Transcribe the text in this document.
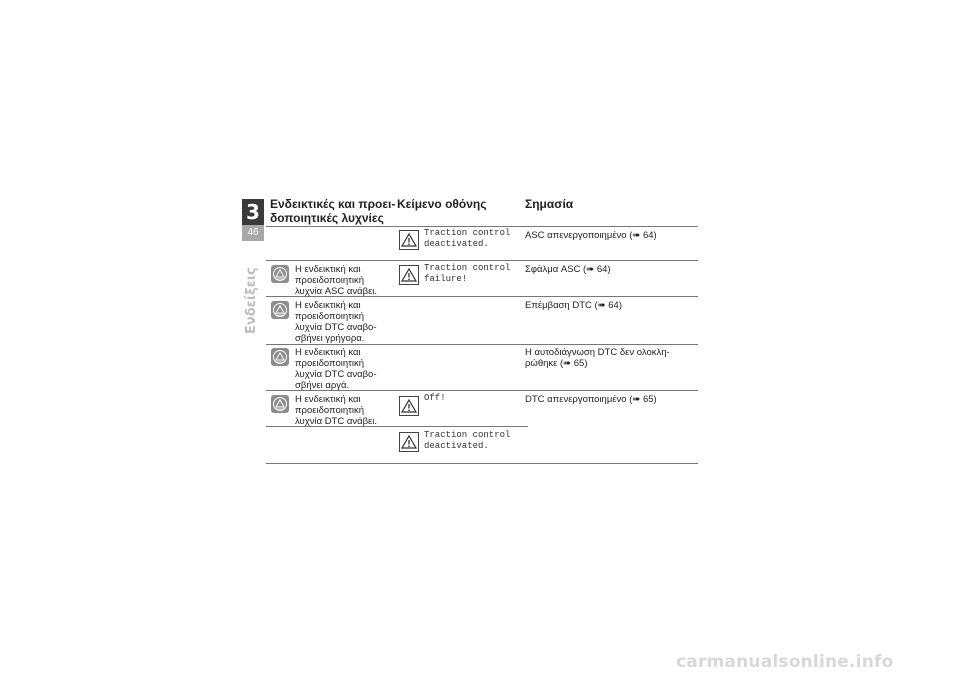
3
46
Ενδείξεις
Ενδεικτικές και προει- δοποιητικές λυχνίες
Κείμενο οθόνης	Σημασία
Traction control deactivated.
ASC απενεργοποιημένο (➠ 64)
Η ενδεικτική και προειδοποιητική λυχνία ASC ανάβει.
Traction control failure!
Σφάλμα ASC (➠ 64)
Η ενδεικτική και προειδοποιητική λυχνία DTC αναβο- σβήνει γρήγορα.
Επέμβαση DTC (➠ 64)
Η ενδεικτική και προειδοποιητική λυχνία DTC αναβο- σβήνει αργά.
Η αυτοδιάγνωση DTC δεν ολοκλη- ρώθηκε (➠ 65)
Η ενδεικτική και προειδοποιητική λυχνία DTC ανάβει.
Off!	DTC απενεργοποιημένο (➠ 65)
Traction control deactivated.
carmanualsonline.info
